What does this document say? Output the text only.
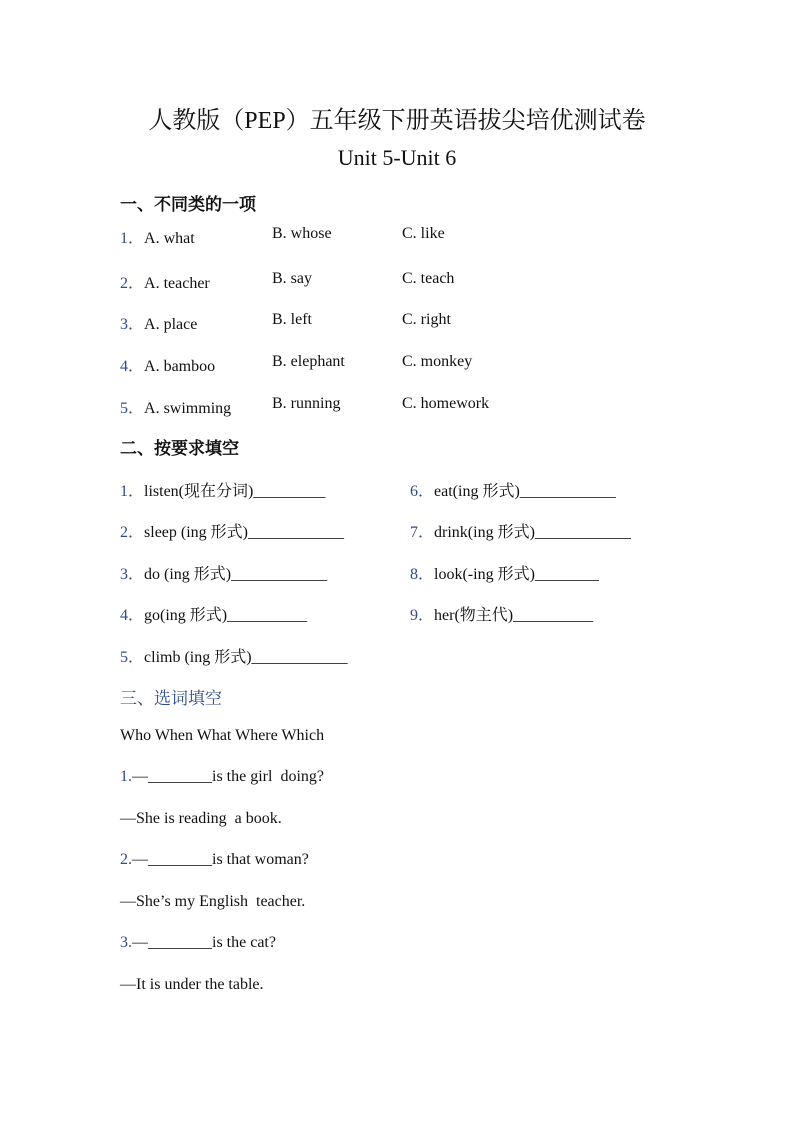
人教版（PEP）五年级下册英语拔尖培优测试卷
Unit 5-Unit 6
一、不同类的一项
1．A. what	B. whose	C. like
2．A. teacher	B. say	C. teach
3．A. place	B. left	C. right
4．A. bamboo	B. elephant	C. monkey
5．A. swimming	B. running	C. homework
二、按要求填空
1．listen(现在分词)_________	6．eat(ing 形式)____________
2．sleep (ing 形式)____________	7．drink(ing 形式)____________
3．do (ing 形式)____________	8．look(-ing 形式)________
4．go(ing 形式)__________	9．her(物主代)__________
5．climb (ing 形式)____________
三、选词填空
Who When What Where Which
1.—________is the girl  doing?
—She is reading  a book.
2.—________is that woman?
—She’s my English  teacher.
3.—________is the cat?
—It is under the table.
